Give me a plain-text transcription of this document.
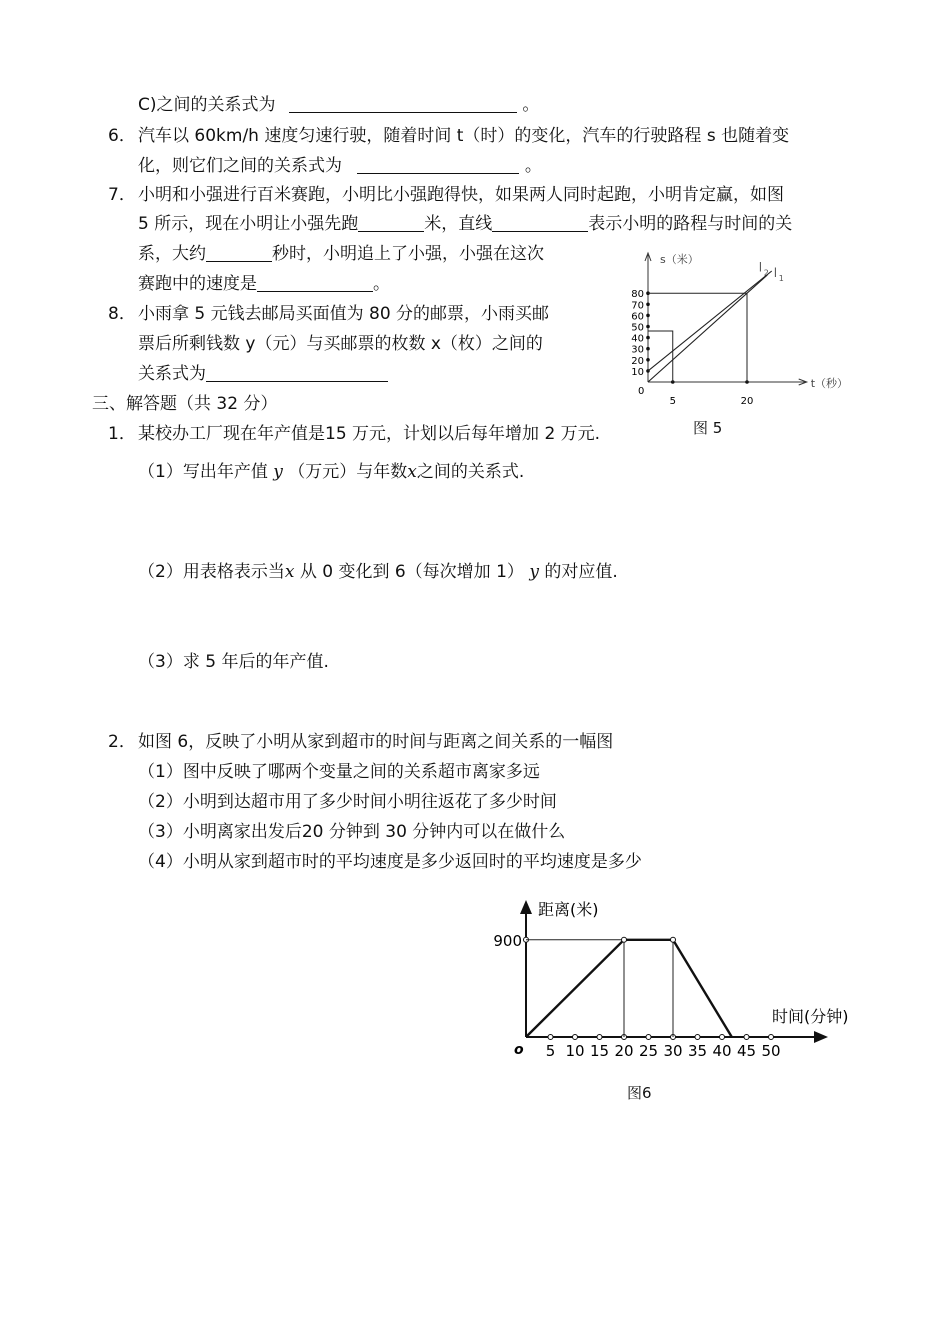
C)之间的关系式为	。
6． 汽车以 60km/h 速度匀速行驶，随着时间 t（时）的变化，汽车的行驶路程 s 也随着变
化，则它们之间的关系式为	。
7． 小明和小强进行百米赛跑，小明比小强跑得快，如果两人同时起跑，小明肯定赢，如图
5 所示，现在小明让小强先跑	米，直线	表示小明的路程与时间的关
系，大约	秒时，小明追上了小强，小强在这次
赛跑中的速度是	。
8． 小雨拿 5 元钱去邮局买面值为 80 分的邮票，小雨买邮
票后所剩钱数 y（元）与买邮票的枚数 x（枚）之间的
关系式为
s（米）
t（秒）
0
10
20
30
40
50
60
70
80
5	20
l 2 l 1
图 5
三、解答题（共 32 分）
1． 某校办工厂现在年产值是15 万元，计划以后每年增加 2 万元.
（1）写出年产值 y （万元）与年数x之间的关系式.
（2）用表格表示当x 从 0 变化到 6（每次增加 1） y 的对应值.
（3）求 5 年后的年产值.
2． 如图 6，反映了小明从家到超市的时间与距离之间关系的一幅图
（1）图中反映了哪两个变量之间的关系超市离家多远
（2）小明到达超市用了多少时间小明往返花了多少时间
（3）小明离家出发后20 分钟到 30 分钟内可以在做什么
（4）小明从家到超市时的平均速度是多少返回时的平均速度是多少
距离(米)
时间(分钟)
o
900
5 10 15 20 25 30 35 40 45 50
图6
